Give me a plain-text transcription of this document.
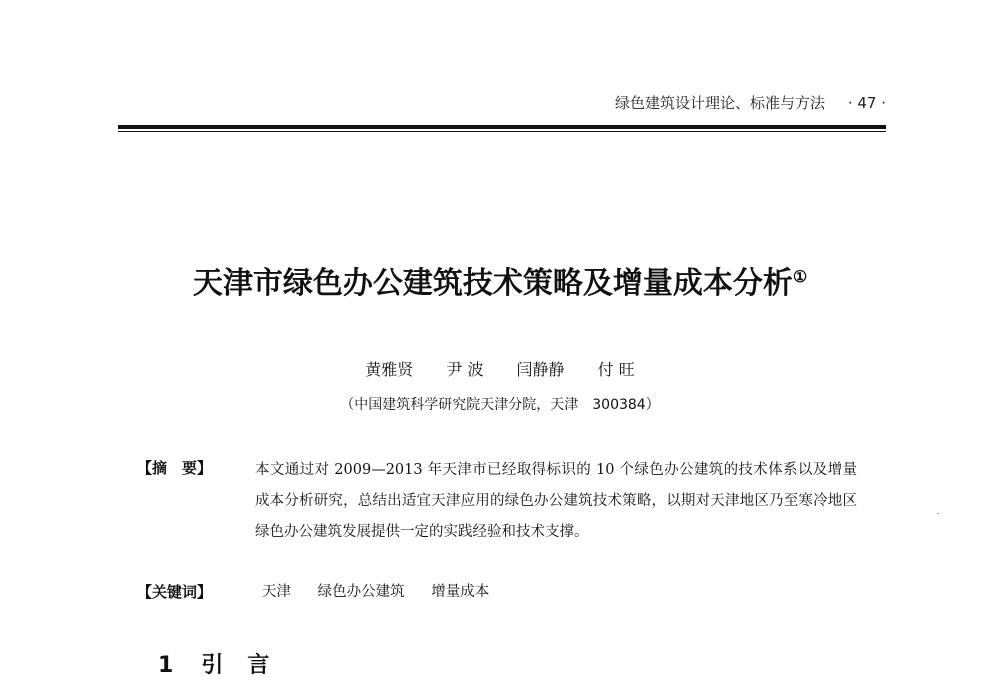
绿色建筑设计理论、标准与方法 · 47 ·
天津市绿色办公建筑技术策略及增量成本分析①
黄雅贤 尹 波 闫静静 付 旺
（中国建筑科学研究院天津分院，天津　300384）
【摘　要】	本文通过对 2009—2013 年天津市已经取得标识的 10 个绿色办公建筑的技术体系以及增量成本分析研究，总结出适宜天津应用的绿色办公建筑技术策略，以期对天津地区乃至寒冷地区绿色办公建筑发展提供一定的实践经验和技术支撑。
【关键词】	天津 绿色办公建筑 增量成本
1 引言
